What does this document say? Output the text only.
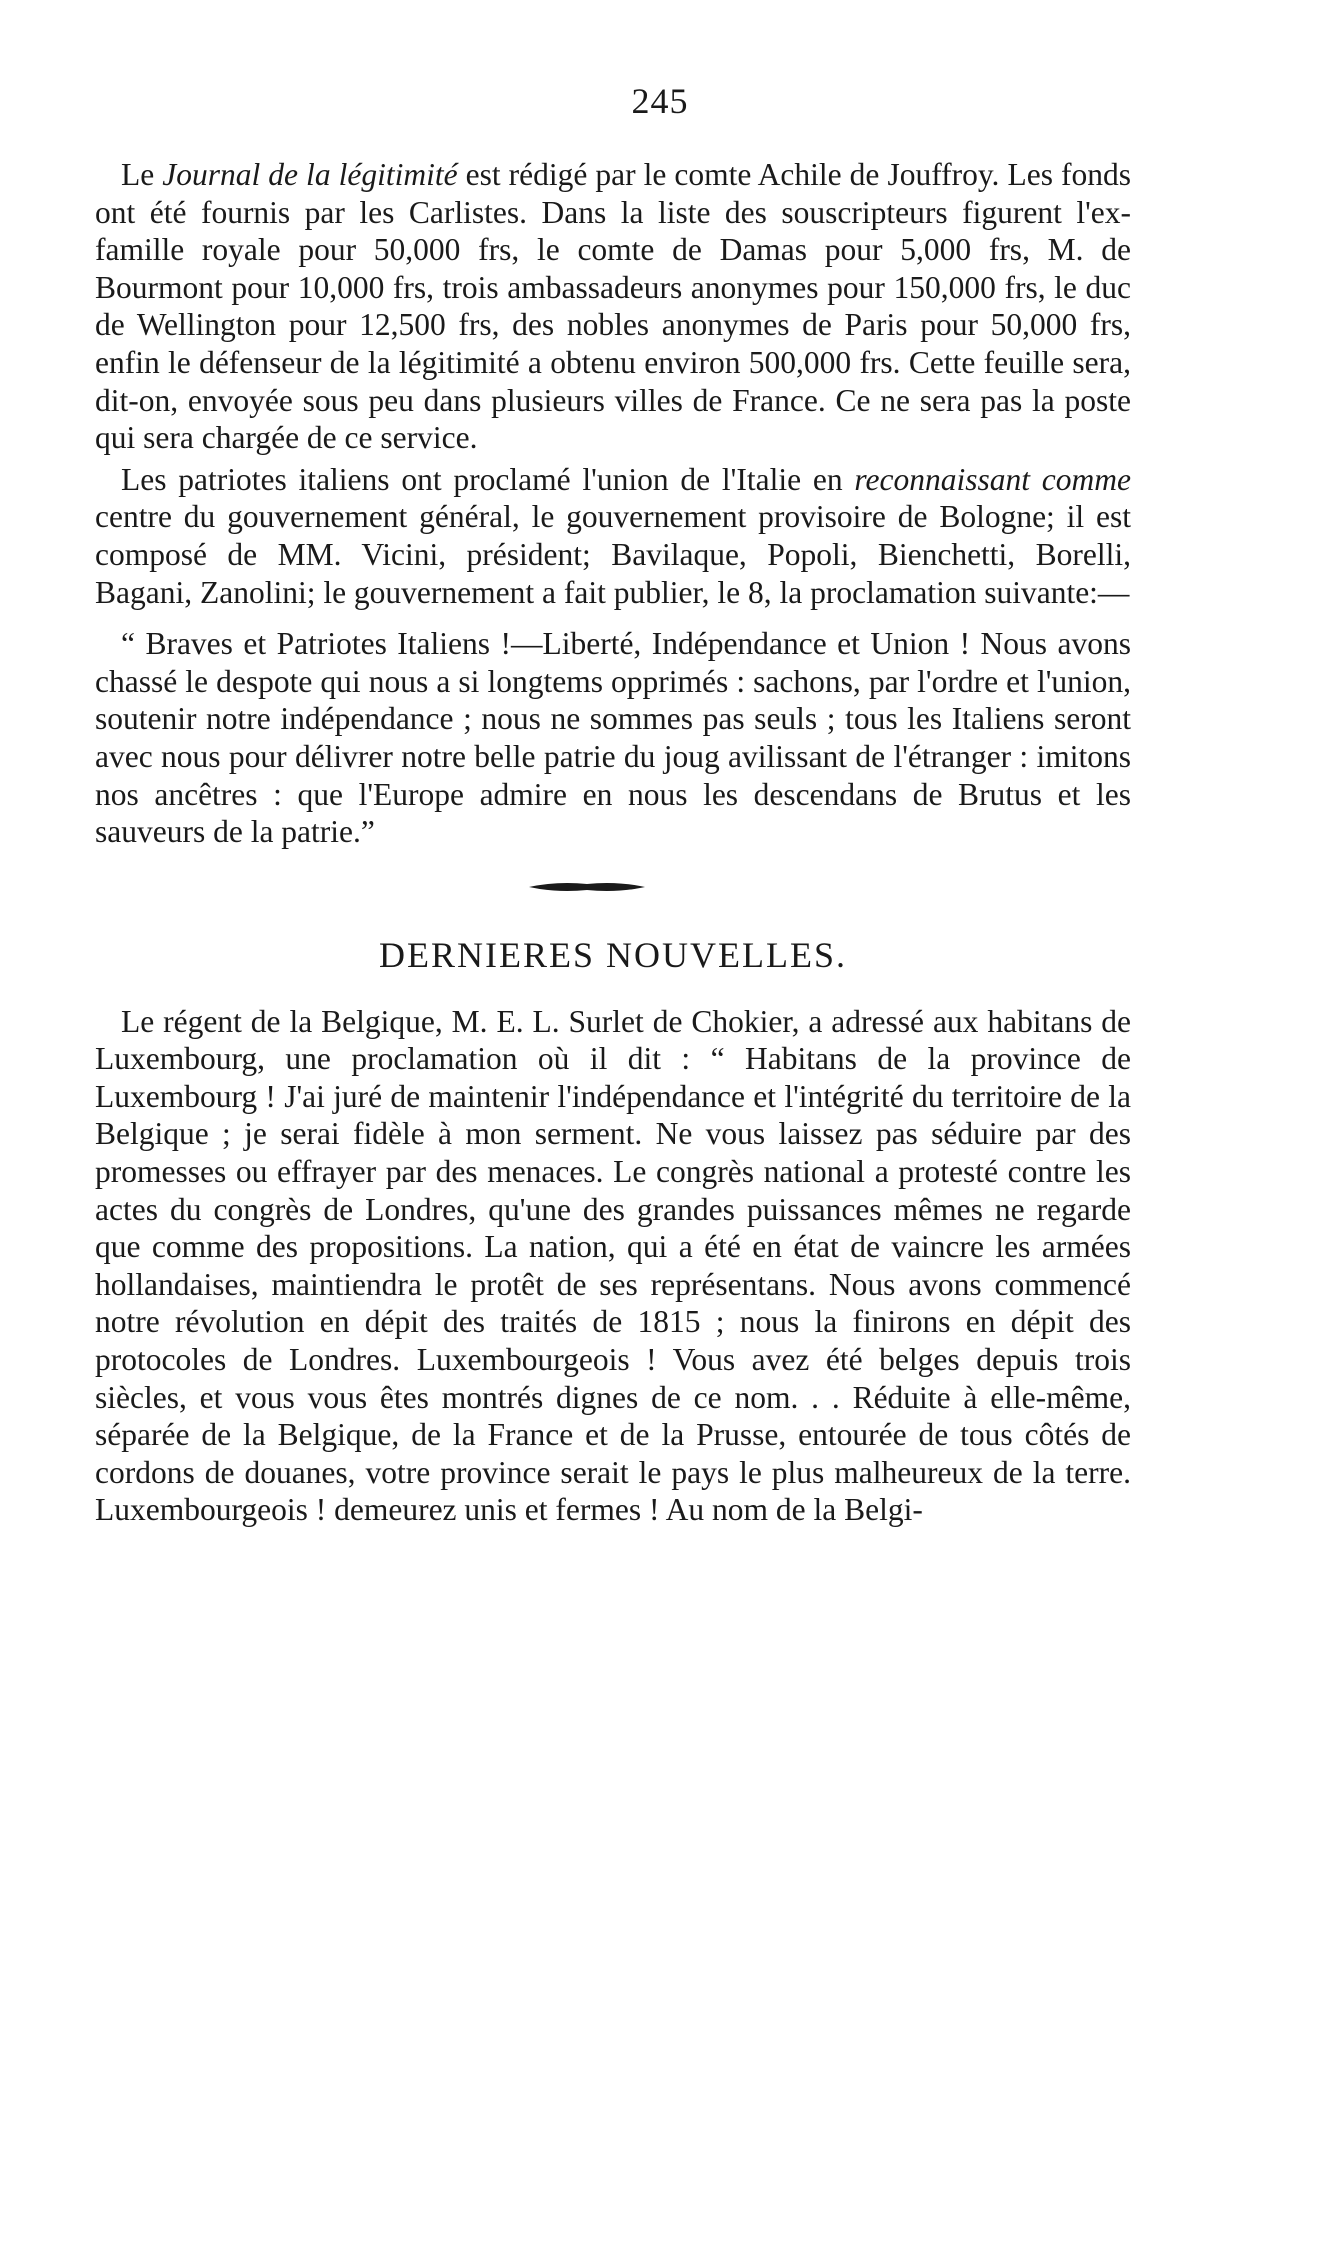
245

Le Journal de la légitimité est rédigé par le comte Achile de Jouffroy. Les fonds ont été fournis par les Carlistes. Dans la liste des souscripteurs figurent l'ex-famille royale pour 50,000 frs, le comte de Damas pour 5,000 frs, M. de Bourmont pour 10,000 frs, trois ambassadeurs anonymes pour 150,000 frs, le duc de Wellington pour 12,500 frs, des nobles anonymes de Paris pour 50,000 frs, enfin le défenseur de la légitimité a obtenu environ 500,000 frs. Cette feuille sera, dit-on, envoyée sous peu dans plusieurs villes de France. Ce ne sera pas la poste qui sera chargée de ce service.

Les patriotes italiens ont proclamé l'union de l'Italie en reconnaissant comme centre du gouvernement général, le gouvernement provisoire de Bologne; il est composé de MM. Vicini, président; Bavilaque, Popoli, Bienchetti, Borelli, Bagani, Zanolini; le gouvernement a fait publier, le 8, la proclamation suivante:—

“ Braves et Patriotes Italiens !—Liberté, Indépendance et Union ! Nous avons chassé le despote qui nous a si longtems opprimés : sachons, par l'ordre et l'union, soutenir notre indépendance ; nous ne sommes pas seuls ; tous les Italiens seront avec nous pour délivrer notre belle patrie du joug avilissant de l'étranger : imitons nos ancêtres : que l'Europe admire en nous les descendans de Brutus et les sauveurs de la patrie.”

DERNIERES NOUVELLES.

Le régent de la Belgique, M. E. L. Surlet de Chokier, a adressé aux habitans de Luxembourg, une proclamation où il dit : “ Habitans de la province de Luxembourg ! J'ai juré de maintenir l'indépendance et l'intégrité du territoire de la Belgique ; je serai fidèle à mon serment. Ne vous laissez pas séduire par des promesses ou effrayer par des menaces. Le congrès national a protesté contre les actes du congrès de Londres, qu'une des grandes puissances mêmes ne regarde que comme des propositions. La nation, qui a été en état de vaincre les armées hollandaises, maintiendra le protêt de ses représentans. Nous avons commencé notre révolution en dépit des traités de 1815 ; nous la finirons en dépit des protocoles de Londres. Luxembourgeois ! Vous avez été belges depuis trois siècles, et vous vous êtes montrés dignes de ce nom. . . Réduite à elle-même, séparée de la Belgique, de la France et de la Prusse, entourée de tous côtés de cordons de douanes, votre province serait le pays le plus malheureux de la terre. Luxembourgeois ! demeurez unis et fermes ! Au nom de la Belgi-
